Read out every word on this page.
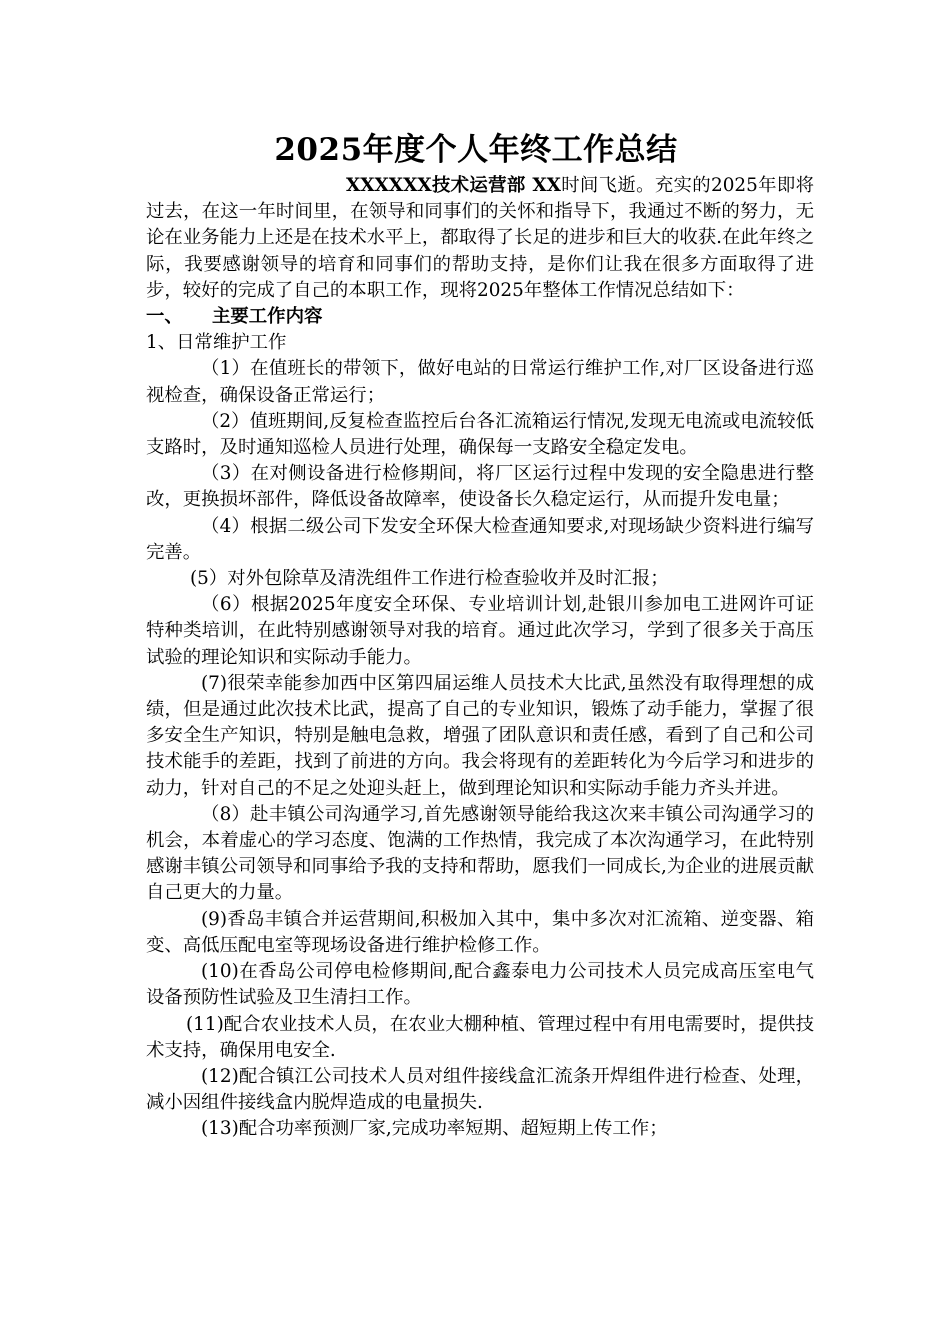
2025年度个人年终工作总结

XXXXXX技术运营部 XX时间飞逝。充实的2025年即将过去，在这一年时间里，在领导和同事们的关怀和指导下，我通过不断的努力，无论在业务能力上还是在技术水平上，都取得了长足的进步和巨大的收获.在此年终之际，我要感谢领导的培育和同事们的帮助支持，是你们让我在很多方面取得了进步，较好的完成了自己的本职工作，现将2025年整体工作情况总结如下：

一、 主要工作内容

1、日常维护工作

（1）在值班长的带领下，做好电站的日常运行维护工作,对厂区设备进行巡视检查，确保设备正常运行；

（2）值班期间,反复检查监控后台各汇流箱运行情况,发现无电流或电流较低支路时，及时通知巡检人员进行处理，确保每一支路安全稳定发电。

（3）在对侧设备进行检修期间，将厂区运行过程中发现的安全隐患进行整改，更换损坏部件，降低设备故障率，使设备长久稳定运行，从而提升发电量；

（4）根据二级公司下发安全环保大检查通知要求,对现场缺少资料进行编写完善。

(5）对外包除草及清洗组件工作进行检查验收并及时汇报；

（6）根据2025年度安全环保、专业培训计划,赴银川参加电工进网许可证特种类培训，在此特别感谢领导对我的培育。通过此次学习，学到了很多关于高压试验的理论知识和实际动手能力。

(7)很荣幸能参加西中区第四届运维人员技术大比武,虽然没有取得理想的成绩，但是通过此次技术比武，提高了自己的专业知识，锻炼了动手能力，掌握了很多安全生产知识，特别是触电急救，增强了团队意识和责任感，看到了自己和公司技术能手的差距，找到了前进的方向。我会将现有的差距转化为今后学习和进步的动力，针对自己的不足之处迎头赶上，做到理论知识和实际动手能力齐头并进。

（8）赴丰镇公司沟通学习,首先感谢领导能给我这次来丰镇公司沟通学习的机会，本着虚心的学习态度、饱满的工作热情，我完成了本次沟通学习，在此特别感谢丰镇公司领导和同事给予我的支持和帮助，愿我们一同成长,为企业的进展贡献自己更大的力量。

(9)香岛丰镇合并运营期间,积极加入其中，集中多次对汇流箱、逆变器、箱变、高低压配电室等现场设备进行维护检修工作。

(10)在香岛公司停电检修期间,配合鑫泰电力公司技术人员完成高压室电气设备预防性试验及卫生清扫工作。

(11)配合农业技术人员，在农业大棚种植、管理过程中有用电需要时，提供技术支持，确保用电安全.

(12)配合镇江公司技术人员对组件接线盒汇流条开焊组件进行检查、处理，减小因组件接线盒内脱焊造成的电量损失.

(13)配合功率预测厂家,完成功率短期、超短期上传工作；
